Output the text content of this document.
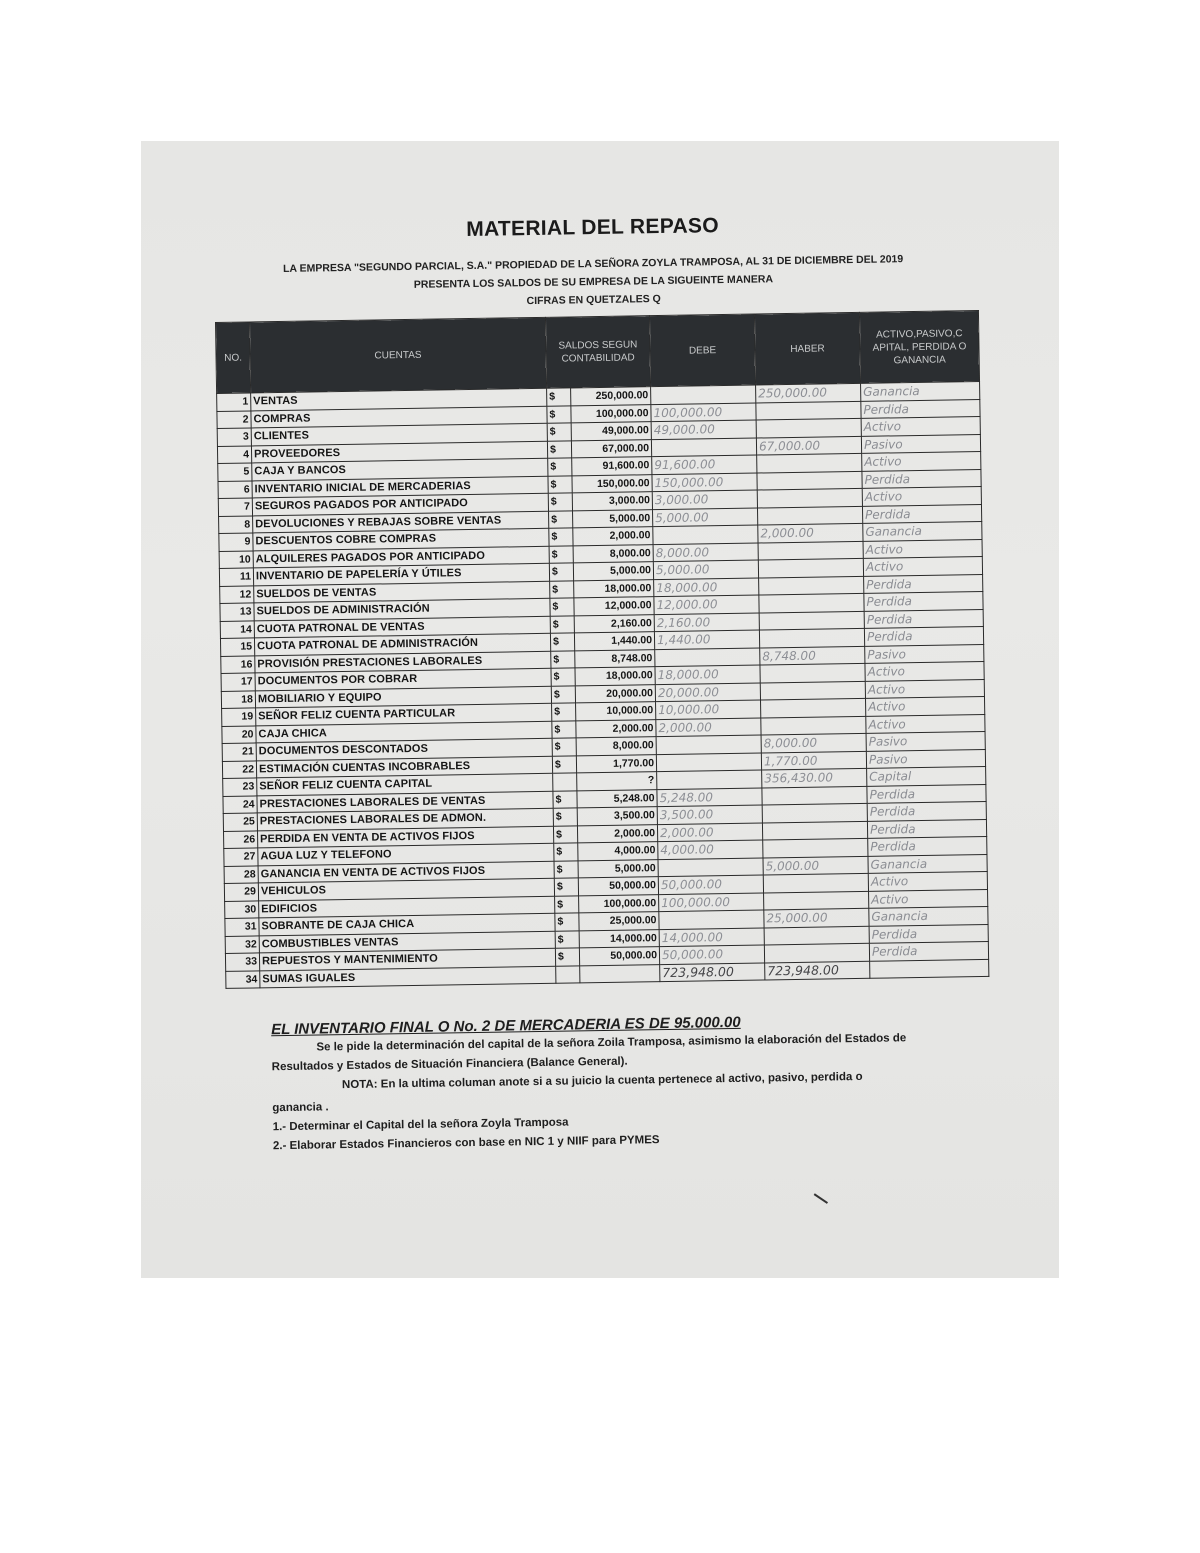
MATERIAL DEL REPASO
LA EMPRESA "SEGUNDO PARCIAL, S.A." PROPIEDAD DE LA SEÑORA ZOYLA TRAMPOSA, AL 31 DE DICIEMBRE DEL 2019
PRESENTA LOS SALDOS DE SU EMPRESA DE LA SIGUEINTE MANERA
CIFRAS EN QUETZALES Q
NO.	CUENTAS	SALDOS SEGUN CONTABILIDAD		DEBE	HABER	ACTIVO,PASIVO,C APITAL, PERDIDA O GANANCIA
1	VENTAS	$	250,000.00		250,000.00	Ganancia
2	COMPRAS	$	100,000.00	100,000.00		Perdida
3	CLIENTES	$	49,000.00	49,000.00		Activo
4	PROVEEDORES	$	67,000.00		67,000.00	Pasivo
5	CAJA Y BANCOS	$	91,600.00	91,600.00		Activo
6	INVENTARIO INICIAL DE MERCADERIAS	$	150,000.00	150,000.00		Perdida
7	SEGUROS PAGADOS POR ANTICIPADO	$	3,000.00	3,000.00		Activo
8	DEVOLUCIONES Y REBAJAS SOBRE VENTAS	$	5,000.00	5,000.00		Perdida
9	DESCUENTOS COBRE COMPRAS	$	2,000.00		2,000.00	Ganancia
10	ALQUILERES PAGADOS POR ANTICIPADO	$	8,000.00	8,000.00		Activo
11	INVENTARIO DE PAPELERÍA Y ÚTILES	$	5,000.00	5,000.00		Activo
12	SUELDOS DE VENTAS	$	18,000.00	18,000.00		Perdida
13	SUELDOS DE ADMINISTRACIÓN	$	12,000.00	12,000.00		Perdida
14	CUOTA PATRONAL DE VENTAS	$	2,160.00	2,160.00		Perdida
15	CUOTA PATRONAL DE ADMINISTRACIÓN	$	1,440.00	1,440.00		Perdida
16	PROVISIÓN PRESTACIONES LABORALES	$	8,748.00		8,748.00	Pasivo
17	DOCUMENTOS POR COBRAR	$	18,000.00	18,000.00		Activo
18	MOBILIARIO Y EQUIPO	$	20,000.00	20,000.00		Activo
19	SEÑOR FELIZ CUENTA PARTICULAR	$	10,000.00	10,000.00		Activo
20	CAJA CHICA	$	2,000.00	2,000.00		Activo
21	DOCUMENTOS DESCONTADOS	$	8,000.00		8,000.00	Pasivo
22	ESTIMACIÓN CUENTAS INCOBRABLES	$	1,770.00		1,770.00	Pasivo
23	SEÑOR FELIZ CUENTA CAPITAL		?		356,430.00	Capital
24	PRESTACIONES LABORALES DE VENTAS	$	5,248.00	5,248.00		Perdida
25	PRESTACIONES LABORALES DE ADMON.	$	3,500.00	3,500.00		Perdida
26	PERDIDA EN VENTA DE ACTIVOS FIJOS	$	2,000.00	2,000.00		Perdida
27	AGUA LUZ Y TELEFONO	$	4,000.00	4,000.00		Perdida
28	GANANCIA EN VENTA DE ACTIVOS FIJOS	$	5,000.00		5,000.00	Ganancia
29	VEHICULOS	$	50,000.00	50,000.00		Activo
30	EDIFICIOS	$	100,000.00	100,000.00		Activo
31	SOBRANTE DE CAJA CHICA	$	25,000.00		25,000.00	Ganancia
32	COMBUSTIBLES VENTAS	$	14,000.00	14,000.00		Perdida
33	REPUESTOS Y MANTENIMIENTO	$	50,000.00	50,000.00		Perdida
34	SUMAS IGUALES			723,948.00	723,948.00	
EL INVENTARIO FINAL O No. 2 DE MERCADERIA ES DE 95.000.00
Se le pide la determinación del capital de la señora Zoila Tramposa, asimismo la elaboración del Estados de
Resultados y Estados de Situación Financiera (Balance General).
NOTA: En la ultima columan anote si a su juicio la cuenta pertenece al activo, pasivo, perdida o
ganancia .
1.- Determinar el Capital del la señora Zoyla Tramposa
2.- Elaborar Estados Financieros con base en NIC 1 y NIIF para PYMES
